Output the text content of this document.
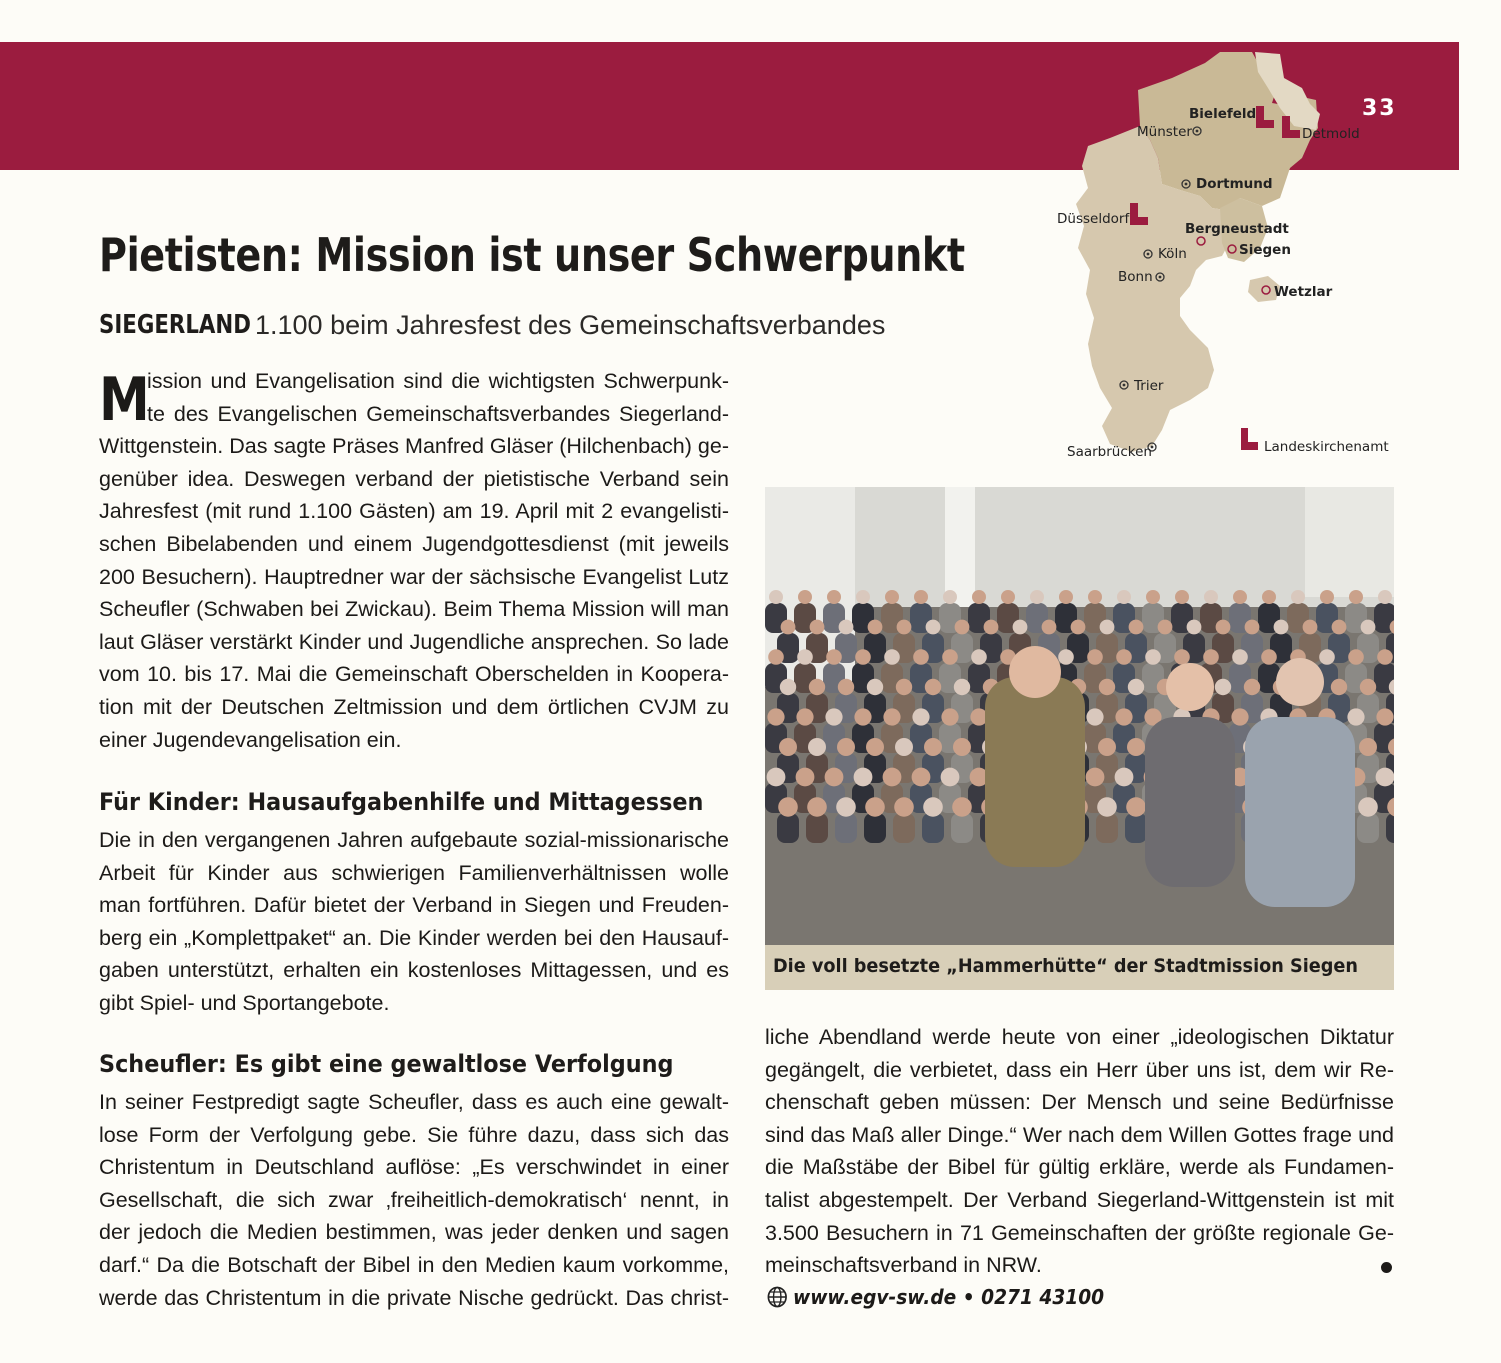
Bielefeld
Münster	Detmold
Dortmund
Düsseldorf
Bergneustadt
Köln	Siegen
Bonn
Wetzlar
Trier
Saarbrücken	Landeskirchenamt
33
Pietisten: Mission ist unser Schwerpunkt
SIEGERLAND 1.100 beim Jahresfest des Gemeinschaftsverbandes
M
ission und Evangelisation sind die wichtigsten Schwerpunk-
te des Evangelischen Gemeinschaftsverbandes Siegerland-
Wittgenstein. Das sagte Präses Manfred Gläser (Hilchenbach) ge-
genüber idea. Deswegen verband der pietistische Verband sein
Jahresfest (mit rund 1.100 Gästen) am 19. April mit 2 evangelisti-
schen Bibelabenden und einem Jugendgottesdienst (mit jeweils
200 Besuchern). Hauptredner war der sächsische Evangelist Lutz
Scheufler (Schwaben bei Zwickau). Beim Thema Mission will man
laut Gläser verstärkt Kinder und Jugendliche ansprechen. So lade
vom 10. bis 17. Mai die Gemeinschaft Oberschelden in Koopera-
tion mit der Deutschen Zeltmission und dem örtlichen CVJM zu
einer Jugendevangelisation ein.
Für Kinder: Hausaufgabenhilfe und Mittagessen
Die in den vergangenen Jahren aufgebaute sozial-missionarische
Arbeit für Kinder aus schwierigen Familienverhältnissen wolle
man fortführen. Dafür bietet der Verband in Siegen und Freuden-
berg ein „Komplettpaket“ an. Die Kinder werden bei den Hausauf-
gaben unterstützt, erhalten ein kostenloses Mittagessen, und es
gibt Spiel- und Sportangebote.
Scheufler: Es gibt eine gewaltlose Verfolgung
In seiner Festpredigt sagte Scheufler, dass es auch eine gewalt-
lose Form der Verfolgung gebe. Sie führe dazu, dass sich das
Christentum in Deutschland auflöse: „Es verschwindet in einer
Gesellschaft, die sich zwar ‚freiheitlich-demokratisch‘ nennt, in
der jedoch die Medien bestimmen, was jeder denken und sagen
darf.“ Da die Botschaft der Bibel in den Medien kaum vorkomme,
werde das Christentum in die private Nische gedrückt. Das christ-
Die voll besetzte „Hammerhütte“ der Stadtmission Siegen
liche Abendland werde heute von einer „ideologischen Diktatur
gegängelt, die verbietet, dass ein Herr über uns ist, dem wir Re-
chenschaft geben müssen: Der Mensch und seine Bedürfnisse
sind das Maß aller Dinge.“ Wer nach dem Willen Gottes frage und
die Maßstäbe der Bibel für gültig erkläre, werde als Fundamen-
talist abgestempelt. Der Verband Siegerland-Wittgenstein ist mit
3.500 Besuchern in 71 Gemeinschaften der größte regionale Ge-
meinschaftsverband in NRW.
www.egv-sw.de • 0271 43100
